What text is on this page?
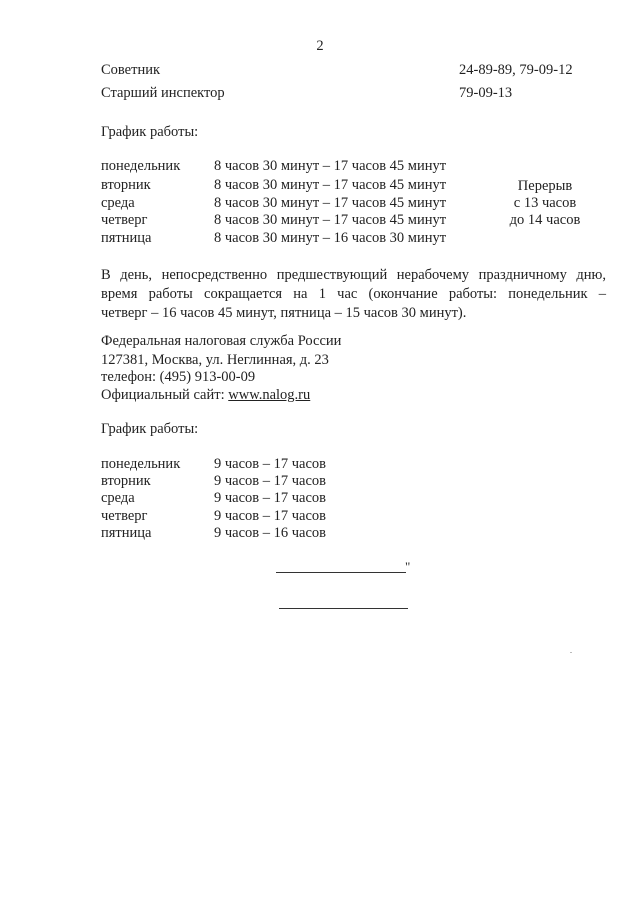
2
Советник	24-89-89, 79-09-12
Старший инспектор	79-09-13
График работы:
понедельник 8 часов 30 минут – 17 часов 45 минут
вторник	8 часов 30 минут – 17 часов 45 минут
среда	8 часов 30 минут – 17 часов 45 минут
четверг	8 часов 30 минут – 17 часов 45 минут
пятница	8 часов 30 минут – 16 часов 30 минут
Перерыв
с 13 часов
до 14 часов
В день, непосредственно предшествующий нерабочему праздничному дню,
время работы сокращается на 1 час (окончание работы: понедельник –
четверг – 16 часов 45 минут, пятница – 15 часов 30 минут).
Федеральная налоговая служба России
127381, Москва, ул. Неглинная, д. 23
телефон: (495) 913-00-09
Официальный сайт: www.nalog.ru
График работы:
понедельник 9 часов – 17 часов
вторник	9 часов – 17 часов
среда	9 часов – 17 часов
четверг	9 часов – 17 часов
пятница	9 часов – 16 часов
"
